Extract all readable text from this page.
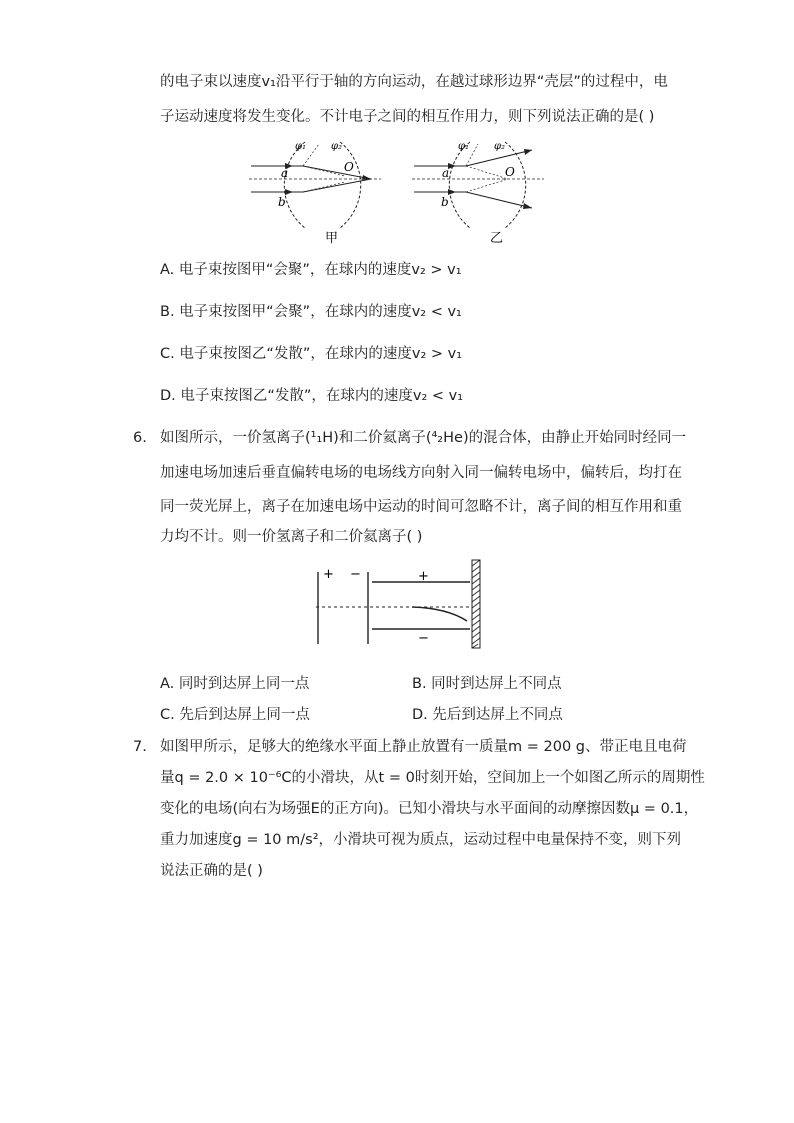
的电子束以速度v₁沿平行于轴的方向运动，在越过球形边界“壳层”的过程中，电
子运动速度将发生变化。不计电子之间的相互作用力，则下列说法正确的是( )
φ₁ φ₂
O
a
b
甲
φ₁ φ₂
O
a
b
乙
A. 电子束按图甲“会聚”，在球内的速度v₂ > v₁
B. 电子束按图甲“会聚”，在球内的速度v₂ < v₁
C. 电子束按图乙“发散”，在球内的速度v₂ > v₁
D. 电子束按图乙“发散”，在球内的速度v₂ < v₁
6. 如图所示，一价氢离子(¹₁H)和二价氦离子(⁴₂He)的混合体，由静止开始同时经同一
加速电场加速后垂直偏转电场的电场线方向射入同一偏转电场中，偏转后，均打在
同一荧光屏上，离子在加速电场中运动的时间可忽略不计，离子间的相互作用和重
力均不计。则一价氢离子和二价氦离子( )
+ −	+
−
A. 同时到达屏上同一点	B. 同时到达屏上不同点
C. 先后到达屏上同一点	D. 先后到达屏上不同点
7. 如图甲所示，足够大的绝缘水平面上静止放置有一质量m = 200 g、带正电且电荷
量q = 2.0 × 10⁻⁶C的小滑块，从t = 0时刻开始，空间加上一个如图乙所示的周期性
变化的电场(向右为场强E的正方向)。已知小滑块与水平面间的动摩擦因数μ = 0.1，
重力加速度g = 10 m/s²，小滑块可视为质点，运动过程中电量保持不变，则下列
说法正确的是( )
